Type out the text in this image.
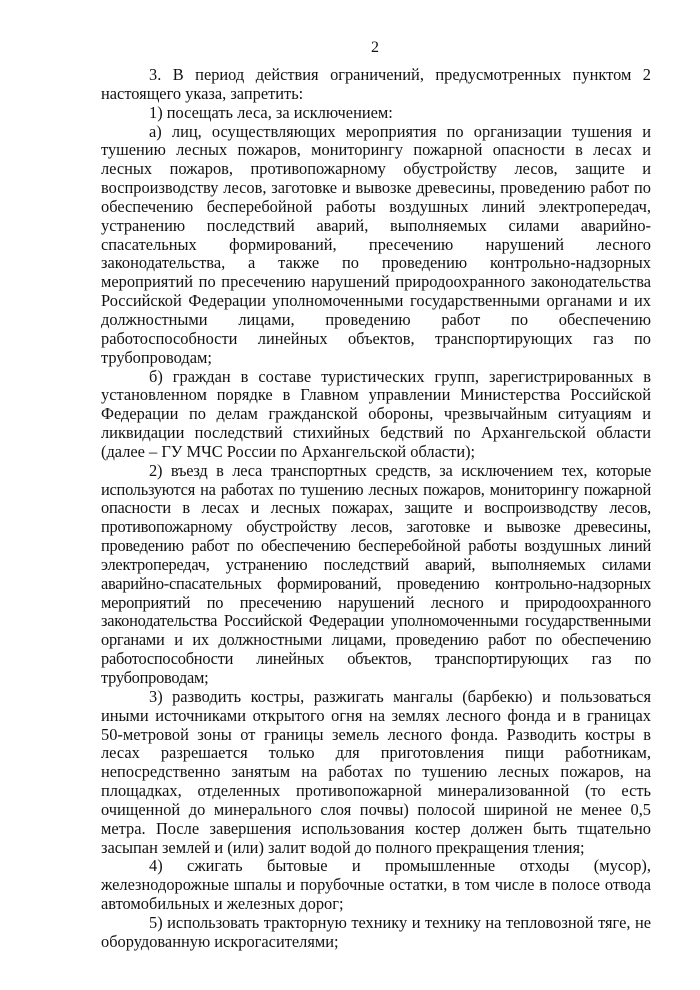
2

3. В период действия ограничений, предусмотренных пунктом 2 настоящего указа, запретить:

1) посещать леса, за исключением:

а) лиц, осуществляющих мероприятия по организации тушения и тушению лесных пожаров, мониторингу пожарной опасности в лесах и лесных пожаров, противопожарному обустройству лесов, защите и воспроизводству лесов, заготовке и вывозке древесины, проведению работ по обеспечению бесперебойной работы воздушных линий электропередач, устранению последствий аварий, выполняемых силами аварийно-спасательных формирований, пресечению нарушений лесного законодательства, а также по проведению контрольно-надзорных мероприятий по пресечению нарушений природоохранного законодательства Российской Федерации уполномоченными государственными органами и их должностными лицами, проведению работ по обеспечению работоспособности линейных объектов, транспортирующих газ по трубопроводам;

б) граждан в составе туристических групп, зарегистрированных в установленном порядке в Главном управлении Министерства Российской Федерации по делам гражданской обороны, чрезвычайным ситуациям и ликвидации последствий стихийных бедствий по Архангельской области (далее – ГУ МЧС России по Архангельской области);

2) въезд в леса транспортных средств, за исключением тех, которые используются на работах по тушению лесных пожаров, мониторингу пожарной опасности в лесах и лесных пожарах, защите и воспроизводству лесов, противопожарному обустройству лесов, заготовке и вывозке древесины, проведению работ по обеспечению бесперебойной работы воздушных линий электропередач, устранению последствий аварий, выполняемых силами аварийно-спасательных формирований, проведению контрольно-надзорных мероприятий по пресечению нарушений лесного и природоохранного законодательства Российской Федерации уполномоченными государственными органами и их должностными лицами, проведению работ по обеспечению работоспособности линейных объектов, транспортирующих газ по трубопроводам;

3) разводить костры, разжигать мангалы (барбекю) и пользоваться иными источниками открытого огня на землях лесного фонда и в границах 50-метровой зоны от границы земель лесного фонда. Разводить костры в лесах разрешается только для приготовления пищи работникам, непосредственно занятым на работах по тушению лесных пожаров, на площадках, отделенных противопожарной минерализованной (то есть очищенной до минерального слоя почвы) полосой шириной не менее 0,5 метра. После завершения использования костер должен быть тщательно засыпан землей и (или) залит водой до полного прекращения тления;

4) сжигать бытовые и промышленные отходы (мусор), железнодорожные шпалы и порубочные остатки, в том числе в полосе отвода автомобильных и железных дорог;

5) использовать тракторную технику и технику на тепловозной тяге, не оборудованную искрогасителями;
